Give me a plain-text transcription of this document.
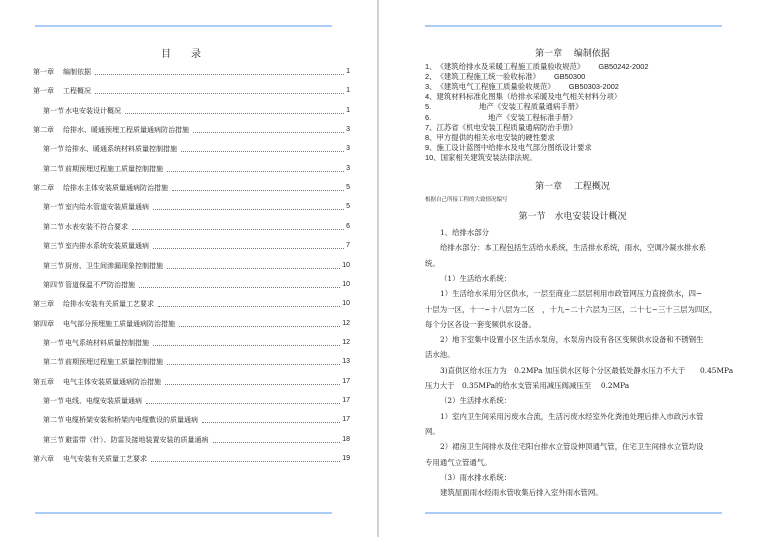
目　　录
第一章	编制依据	1
第一章	工程概况	1
第一节 水电安装设计概况	1
第二章	给排水、暖通预埋工程质量通病防治措施	3
第一节 给排水、暖通系统材料质量控制措施	3
第二节 前期预埋过程施工质量控制措施	3
第二章	给排水主体安装质量通病防治措施	5
第一节 室内给水管道安装质量通病	5
第二节 水表安装不符合要求	6
第三节 室内排水系统安装质量通病	7
第三节 厨房、卫生间渗漏现象控制措施	10
第四节 管道保温不严防治措施	10
第三章	给排水安装有关质量工艺要求	10
第四章	电气部分预埋施工质量通病防治措施	12
第一节 电气系统材料质量控制措施	12
第二节 前期预埋过程施工质量控制措施	13
第五章	电气主体安装质量通病防治措施	17
第一节 电线、电缆安装质量通病	17
第二节 电缆桥架安装和桥架内电缆敷设的质量通病	17
第三节 避雷带（针）、防雷及接地装置安装的质量通病	18
第六章	电气安装有关质量工艺要求	19
第一章　 编制依据
1、《建筑给排水及采暖工程施工质量验收规范》 GB50242-2002
2、《建筑工程施工统一验收标准》 GB50300
3、《建筑电气工程施工质量验收规范》 GB50303-2002
4、建筑材料标准化图集（给排水采暖及电气相关材料分项）
5.	地产《安装工程质量通病手册》
6.	地产《安装工程标准手册》
7、江苏省《机电安装工程质量通病防治手册》
8、甲方提供的相关水电安装的硬性要求
9、施工设计蓝图中给排水及电气部分图纸设计要求
10、国家相关建筑安装法律法规。
第一章　 工程概况
根据自己所接工程的大致情况编写
第一节　水电安装设计概况
1、给排水部分
给排水部分：本工程包括生活给水系统，生活排水系统，雨水，空调冷凝水排水系
统。
（1）生活给水系统：
1）生活给水采用分区供水，一层至商业二层层利用市政管网压力直接供水，四~
十层为一区，十一~十八层为二区　，十九~二十六层为三区，二十七~三十三层为四区，
每个分区各设一套变频供水设备。
2）地下室集中设置小区生活水泵房，水泵房内设有各区变频供水设备和不锈钢生
活水池。
3)直供区给水压力为　0.2MPa 加压供水区每个分区最低处静水压力不大于　　0.45MPa
压力大于　0.35MPa的给水支管采用减压阀减压至　 0.2MPa
（2）生活排水系统：
1）室内卫生间采用污废水合流，生活污废水经室外化粪池处理后排入市政污水管
网。
2）裙房卫生间排水及住宅阳台排水立管设伸顶通气管，住宅卫生间排水立管均设
专用通气立管通气。
（3）雨水排水系统：
建筑屋面雨水经雨水管收集后排入室外雨水管网。
